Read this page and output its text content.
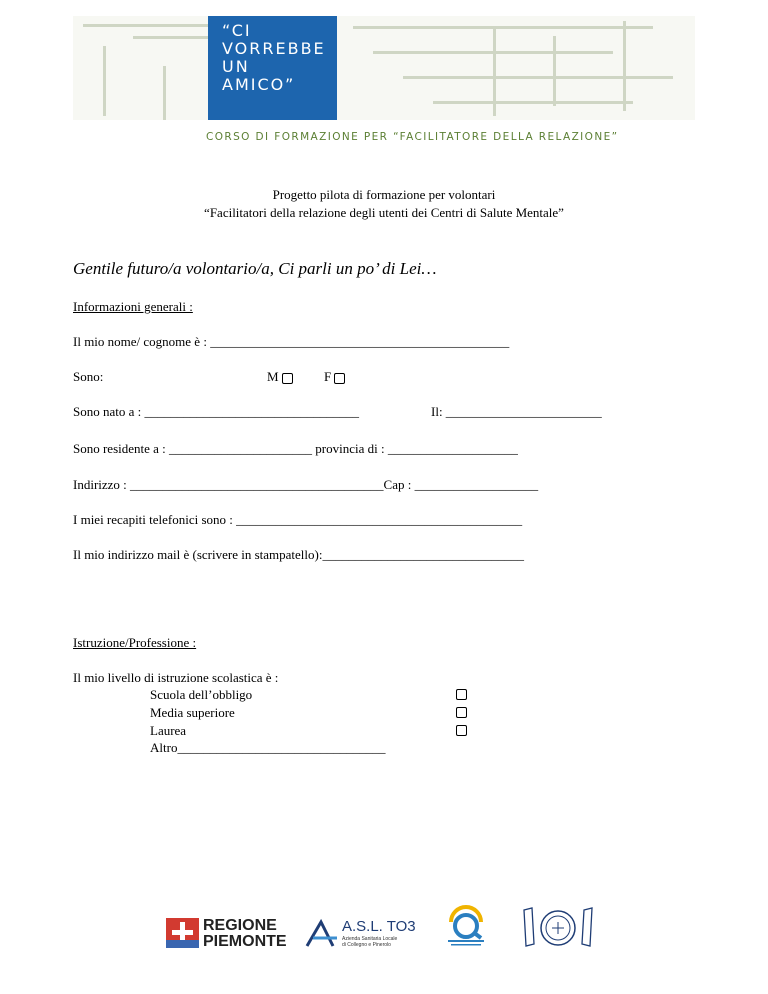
“CI
VORREBBE
UN
AMICO”
CORSO DI FORMAZIONE PER “FACILITATORE DELLA RELAZIONE”
Progetto pilota di formazione per volontari
“Facilitatori della relazione degli utenti dei Centri di Salute Mentale”
Gentile futuro/a volontario/a, Ci parli un po’ di Lei…
Informazioni generali :
Il mio nome/ cognome è : ______________________________________________
Sono:	M	F
Sono nato a : _________________________________	Il: ________________________
Sono residente a : ______________________ provincia di : ____________________
Indirizzo : _______________________________________Cap : ___________________
I miei recapiti telefonici sono : ____________________________________________
Il mio indirizzo mail è (scrivere in stampatello):_______________________________
Istruzione/Professione :
Il mio livello di istruzione scolastica è :
Scuola dell’obbligo
Media superiore
Laurea
Altro________________________________
REGIONE
PIEMONTE
A.S.L. TO3
Azienda Sanitaria Locale
di Collegno e Pinerolo
